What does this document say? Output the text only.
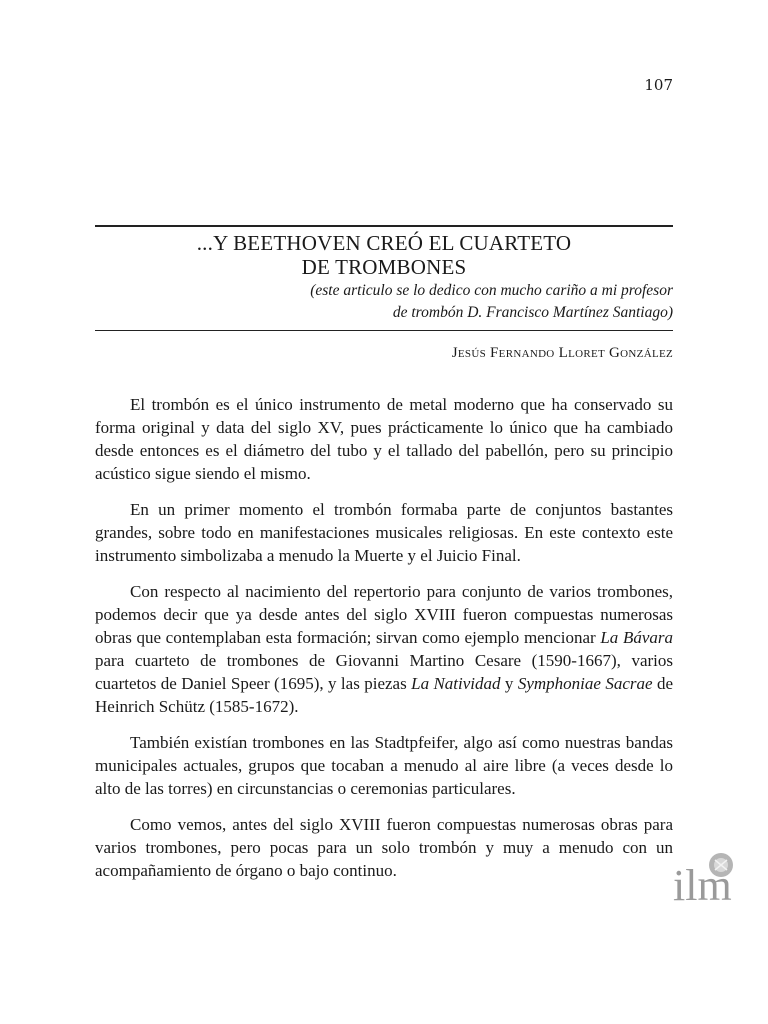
107
...Y BEETHOVEN CREÓ EL CUARTETO
DE TROMBONES
(este articulo se lo dedico con mucho cariño a mi profesor
de trombón D. Francisco Martínez Santiago)
Jesús Fernando Lloret González

El trombón es el único instrumento de metal moderno que ha conservado su forma original y data del siglo XV, pues prácticamente lo único que ha cambiado desde entonces es el diámetro del tubo y el tallado del pabellón, pero su principio acústico sigue siendo el mismo.

En un primer momento el trombón formaba parte de conjuntos bastantes grandes, sobre todo en manifestaciones musicales religiosas. En este contexto este instrumento simbolizaba a menudo la Muerte y el Juicio Final.

Con respecto al nacimiento del repertorio para conjunto de varios trombones, podemos decir que ya desde antes del siglo XVIII fueron compuestas numerosas obras que contemplaban esta formación; sirvan como ejemplo mencionar La Bávara para cuarteto de trombones de Giovanni Martino Cesare (1590-1667), varios cuartetos de Daniel Speer (1695), y las piezas La Natividad y Symphoniae Sacrae de Heinrich Schütz (1585-1672).

También existían trombones en las Stadtpfeifer, algo así como nuestras bandas municipales actuales, grupos que tocaban a menudo al aire libre (a veces desde lo alto de las torres) en circunstancias o ceremonias particulares.

Como vemos, antes del siglo XVIII fueron compuestas numerosas obras para varios trombones, pero pocas para un solo trombón y muy a menudo con un acompañamiento de órgano o bajo continuo.	ilm
